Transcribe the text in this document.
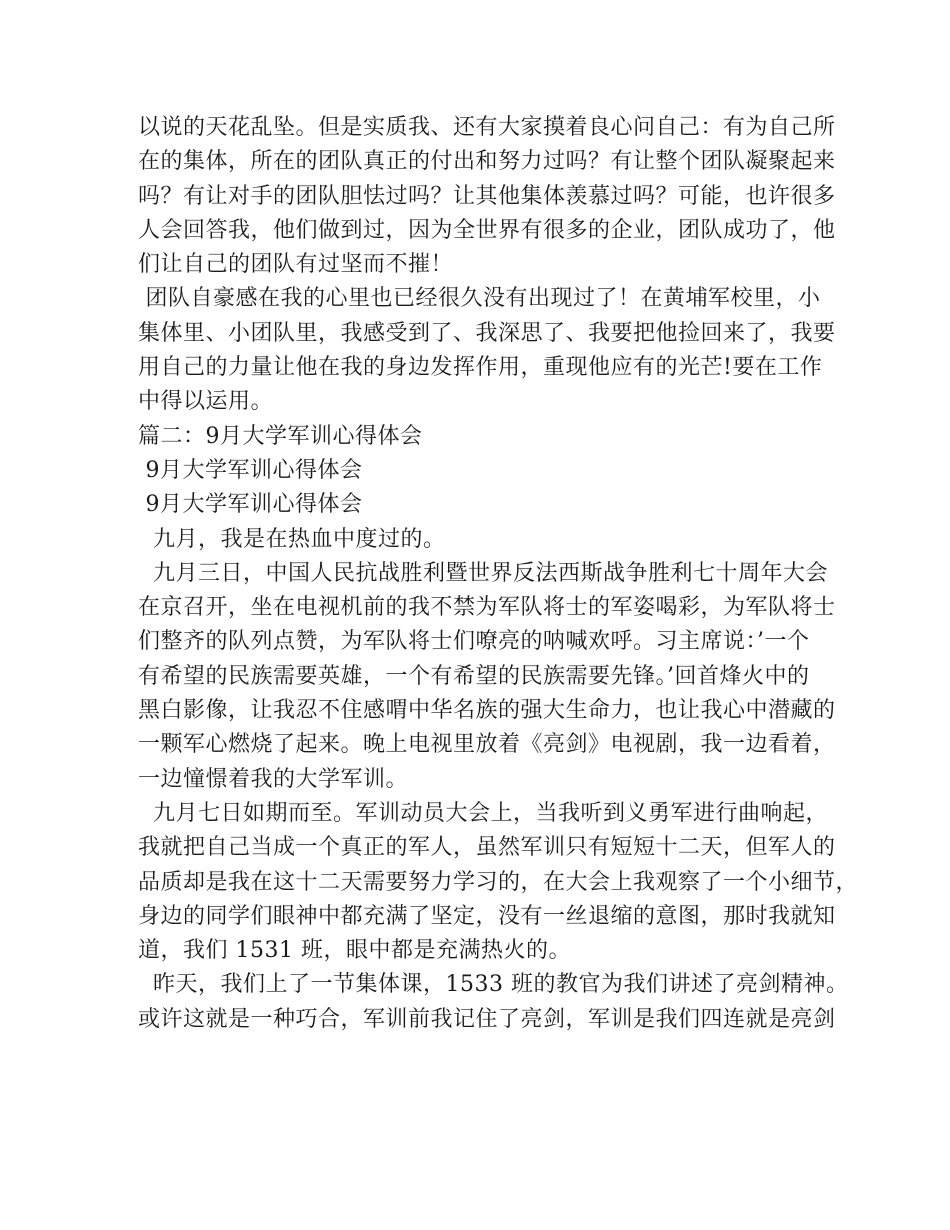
以说的天花乱坠。但是实质我、还有大家摸着良心问自己：有为自己所
在的集体，所在的团队真正的付出和努力过吗？有让整个团队凝聚起来
吗？有让对手的团队胆怯过吗？让其他集体羡慕过吗？可能，也许很多
人会回答我，他们做到过，因为全世界有很多的企业，团队成功了，他
们让自己的团队有过坚而不摧！
团队自豪感在我的心里也已经很久没有出现过了！在黄埔军校里，小
集体里、小团队里，我感受到了、我深思了、我要把他捡回来了，我要
用自己的力量让他在我的身边发挥作用，重现他应有的光芒!要在工作
中得以运用。
篇二：9月大学军训心得体会
9月大学军训心得体会
9月大学军训心得体会
九月，我是在热血中度过的。
九月三日，中国人民抗战胜利暨世界反法西斯战争胜利七十周年大会
在京召开，坐在电视机前的我不禁为军队将士的军姿喝彩，为军队将士
们整齐的队列点赞，为军队将士们嘹亮的呐喊欢呼。习主席说：’一个
有希望的民族需要英雄，一个有希望的民族需要先锋。’回首烽火中的
黑白影像，让我忍不住感喟中华名族的强大生命力，也让我心中潜藏的
一颗军心燃烧了起来。晚上电视里放着《亮剑》电视剧，我一边看着，
一边憧憬着我的大学军训。
九月七日如期而至。军训动员大会上，当我听到义勇军进行曲响起，
我就把自己当成一个真正的军人，虽然军训只有短短十二天，但军人的
品质却是我在这十二天需要努力学习的，在大会上我观察了一个小细节，
身边的同学们眼神中都充满了坚定，没有一丝退缩的意图，那时我就知
道，我们 1531 班，眼中都是充满热火的。
昨天，我们上了一节集体课，1533 班的教官为我们讲述了亮剑精神。
或许这就是一种巧合，军训前我记住了亮剑，军训是我们四连就是亮剑
